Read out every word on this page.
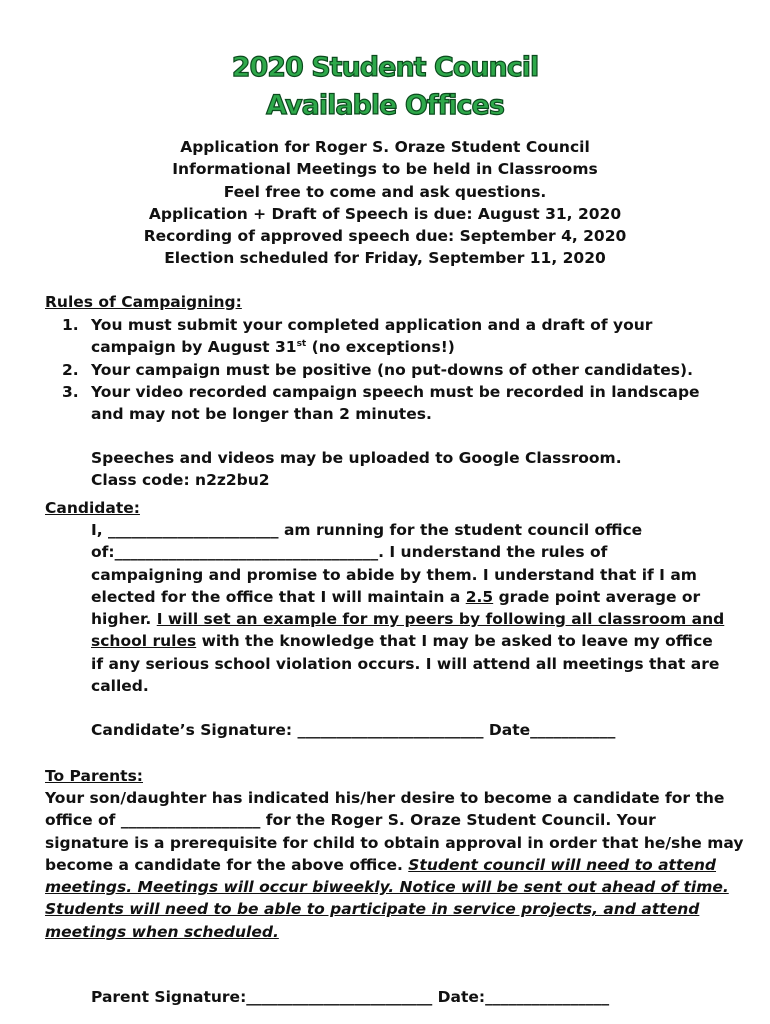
2020 Student Council
Available Offices
Application for Roger S. Oraze Student Council
Informational Meetings to be held in Classrooms
Feel free to come and ask questions.
Application + Draft of Speech is due: August 31, 2020
Recording of approved speech due: September 4, 2020
Election scheduled for Friday, September 11, 2020
Rules of Campaigning:
1. You must submit your completed application and a draft of your
campaign by August 31st (no exceptions!)
2. Your campaign must be positive (no put-downs of other candidates).
3. Your video recorded campaign speech must be recorded in landscape
and may not be longer than 2 minutes.
Speeches and videos may be uploaded to Google Classroom.
Class code: n2z2bu2
Candidate:
I, ______________________ am running for the student council office
of:__________________________________. I understand the rules of
campaigning and promise to abide by them. I understand that if I am
elected for the office that I will maintain a 2.5 grade point average or
higher. I will set an example for my peers by following all classroom and
school rules with the knowledge that I may be asked to leave my office
if any serious school violation occurs. I will attend all meetings that are
called.
Candidate’s Signature: ________________________ Date___________
To Parents:
Your son/daughter has indicated his/her desire to become a candidate for the
office of __________________ for the Roger S. Oraze Student Council. Your
signature is a prerequisite for child to obtain approval in order that he/she may
become a candidate for the above office. Student council will need to attend
meetings. Meetings will occur biweekly. Notice will be sent out ahead of time.
Students will need to be able to participate in service projects, and attend
meetings when scheduled.
Parent Signature:________________________ Date:________________
